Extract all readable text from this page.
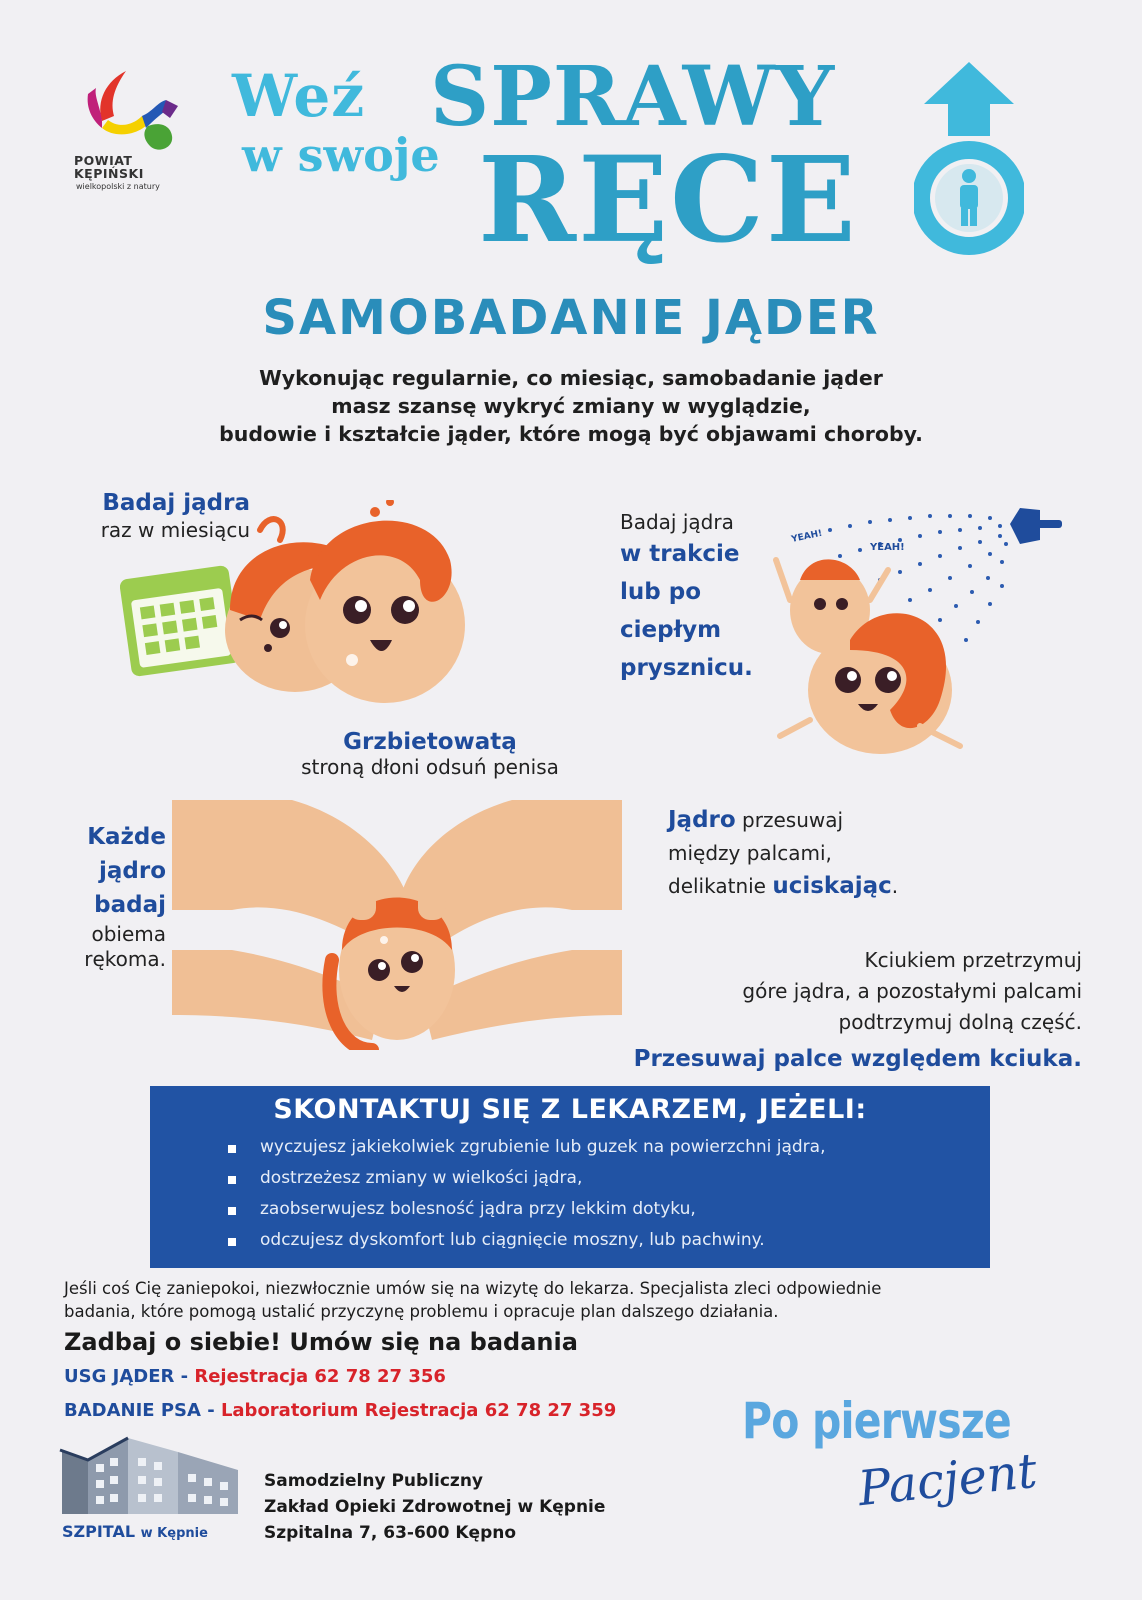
POWIAT
KĘPIŃSKI
wielkopolski z natury
Weź SPRAWY
w swoje RĘCE
SAMOBADANIE JĄDER
Wykonując regularnie, co miesiąc, samobadanie jąder
masz szansę wykryć zmiany w wyglądzie,
budowie i kształcie jąder, które mogą być objawami choroby.
Badaj jądra
raz w miesiącu	Badaj jądra
w trakcie
lub po
ciepłym
prysznicu.
YEAH!
YEAH!
Grzbietowatą
stroną dłoni odsuń penisa
Każde
jądro
badaj
obiema
rękoma.
Jądro przesuwaj
między palcami,
delikatnie uciskając.
Kciukiem przetrzymuj
góre jądra, a pozostałymi palcami
podtrzymuj dolną część.
Przesuwaj palce względem kciuka.
SKONTAKTUJ SIĘ Z LEKARZEM, JEŻELI:
wyczujesz jakiekolwiek zgrubienie lub guzek na powierzchni jądra,
dostrzeżesz zmiany w wielkości jądra,
zaobserwujesz bolesność jądra przy lekkim dotyku,
odczujesz dyskomfort lub ciągnięcie moszny, lub pachwiny.
Jeśli coś Cię zaniepokoi, niezwłocznie umów się na wizytę do lekarza. Specjalista zleci odpowiednie
badania, które pomogą ustalić przyczynę problemu i opracuje plan dalszego działania.
Zadbaj o siebie! Umów się na badania
USG JĄDER - Rejestracja 62 78 27 356
BADANIE PSA - Laboratorium Rejestracja 62 78 27 359
SZPITAL w Kępnie
Samodzielny Publiczny
Zakład Opieki Zdrowotnej w Kępnie
Szpitalna 7, 63-600 Kępno
Po pierwsze
Pacjent
